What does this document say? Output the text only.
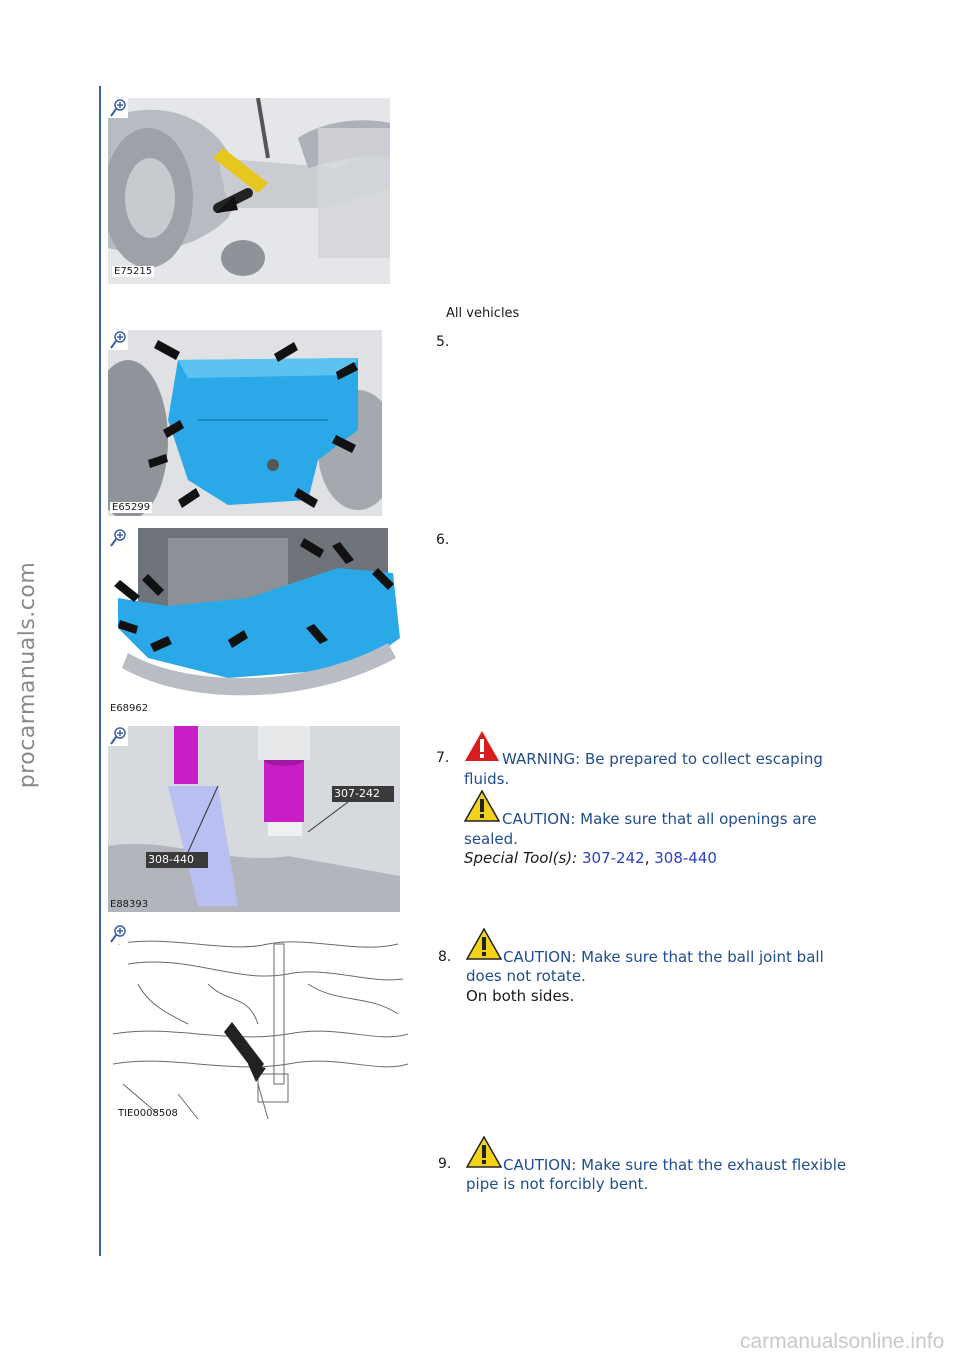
procarmanuals.com
E75215
All vehicles
E65299
5.
E68962
6.
307-242
308-440
E88393
7.	WARNING: Be prepared to collect escaping
fluids.
CAUTION: Make sure that all openings are
sealed.
Special Tool(s): 307-242, 308-440
TIE0008508
8.	CAUTION: Make sure that the ball joint ball
does not rotate.
On both sides.
9.	CAUTION: Make sure that the exhaust flexible
pipe is not forcibly bent.
carmanualsonline.info
